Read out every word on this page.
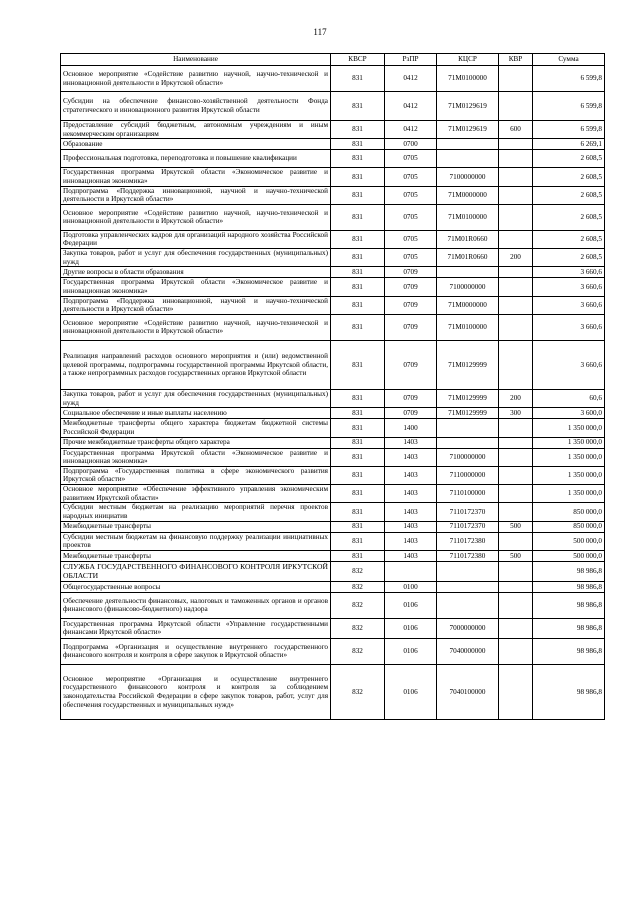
117
Наименование	КВСР	РзПР	КЦСР	КВР	Сумма
Основное мероприятие «Содействие развитию научной, научно-технической и инновационной деятельности в Иркутской области»	831	0412	71М0100000		6 599,8
Субсидии на обеспечение финансово-хозяйственной деятельности Фонда стратегического и инновационного развития Иркутской области	831	0412	71М0129619		6 599,8
Предоставление субсидий бюджетным, автономным учреждениям и иным некоммерческим организациям	831	0412	71М0129619	600	6 599,8
Образование	831	0700			6 269,1
Профессиональная подготовка, переподготовка и повышение квалификации	831	0705			2 608,5
Государственная программа Иркутской области «Экономическое развитие и инновационная экономика»	831	0705	7100000000		2 608,5
Подпрограмма «Поддержка инновационной, научной и научно-технической деятельности в Иркутской области»	831	0705	71М0000000		2 608,5
Основное мероприятие «Содействие развитию научной, научно-технической и инновационной деятельности в Иркутской области»	831	0705	71М0100000		2 608,5
Подготовка управленческих кадров для организаций народного хозяйства Российской Федерации	831	0705	71М01R0660		2 608,5
Закупка товаров, работ и услуг для обеспечения государственных (муниципальных) нужд	831	0705	71М01R0660	200	2 608,5
Другие вопросы в области образования	831	0709			3 660,6
Государственная программа Иркутской области «Экономическое развитие и инновационная экономика»	831	0709	7100000000		3 660,6
Подпрограмма «Поддержка инновационной, научной и научно-технической деятельности в Иркутской области»	831	0709	71М0000000		3 660,6
Основное мероприятие «Содействие развитию научной, научно-технической и инновационной деятельности в Иркутской области»	831	0709	71М0100000		3 660,6
Реализация направлений расходов основного мероприятия и (или) ведомственной целевой программы, подпрограммы государственной программы Иркутской области, а также непрограммных расходов государственных органов Иркутской области	831	0709	71М0129999		3 660,6
Закупка товаров, работ и услуг для обеспечения государственных (муниципальных) нужд	831	0709	71М0129999	200	60,6
Социальное обеспечение и иные выплаты населению	831	0709	71М0129999	300	3 600,0
Межбюджетные трансферты общего характера бюджетам бюджетной системы Российской Федерации	831	1400			1 350 000,0
Прочие межбюджетные трансферты общего характера	831	1403			1 350 000,0
Государственная программа Иркутской области «Экономическое развитие и инновационная экономика»	831	1403	7100000000		1 350 000,0
Подпрограмма «Государственная политика в сфере экономического развития Иркутской области»	831	1403	7110000000		1 350 000,0
Основное мероприятие «Обеспечение эффективного управления экономическим развитием Иркутской области»	831	1403	7110100000		1 350 000,0
Субсидии местным бюджетам на реализацию мероприятий перечня проектов народных инициатив	831	1403	7110172370		850 000,0
Межбюджетные трансферты	831	1403	7110172370	500	850 000,0
Субсидии местным бюджетам на финансовую поддержку реализации инициативных проектов	831	1403	7110172380		500 000,0
Межбюджетные трансферты	831	1403	7110172380	500	500 000,0
СЛУЖБА ГОСУДАРСТВЕННОГО ФИНАНСОВОГО КОНТРОЛЯ ИРКУТСКОЙ ОБЛАСТИ	832				98 986,8
Общегосударственные вопросы	832	0100			98 986,8
Обеспечение деятельности финансовых, налоговых и таможенных органов и органов финансового (финансово-бюджетного) надзора	832	0106			98 986,8
Государственная программа Иркутской области «Управление государственными финансами Иркутской области»	832	0106	7000000000		98 986,8
Подпрограмма «Организация и осуществление внутреннего государственного финансового контроля и контроля в сфере закупок в Иркутской области»	832	0106	7040000000		98 986,8
Основное мероприятие «Организация и осуществление внутреннего государственного финансового контроля и контроля за соблюдением законодательства Российской Федерации в сфере закупок товаров, работ, услуг для обеспечения государственных и муниципальных нужд»	832	0106	7040100000		98 986,8
